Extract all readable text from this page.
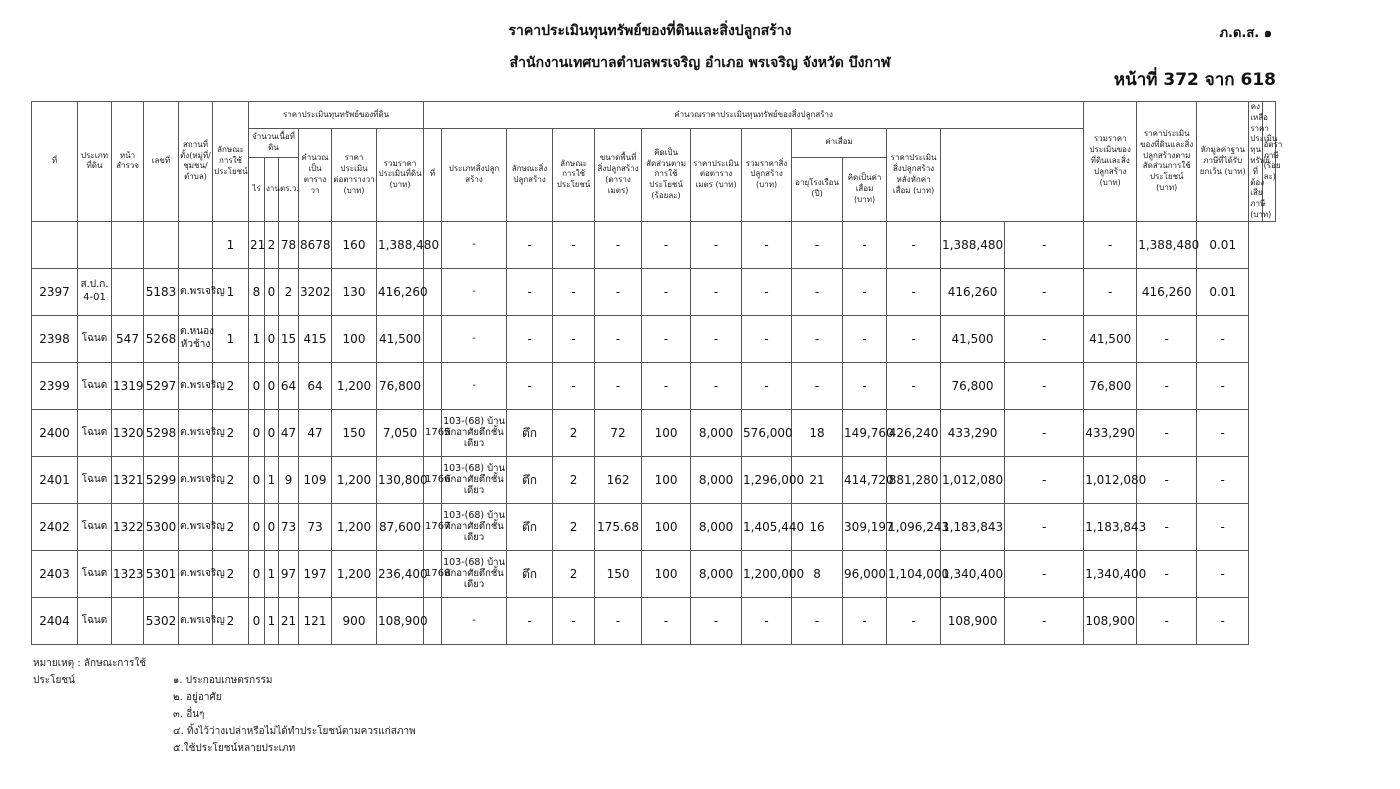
ราคาประเมินทุนทรัพย์ของที่ดินและสิ่งปลูกสร้าง
สำนักงานเทศบาลตำบลพรเจริญ อำเภอ พรเจริญ จังหวัด บึงกาฬ
ภ.ด.ส. ๑
หน้าที่ 372 จาก 618
ที่	ประเภทที่ดิน	หน้าสำรวจ	เลขที่	สถานที่ตั้ง(หมู่ที่/ชุมชน/ตำบล)	ลักษณะการใช้ประโยชน์	ราคาประเมินทุนทรัพย์ของที่ดิน						คำนวณราคาประเมินทุนทรัพย์ของสิ่งปลูกสร้าง													รวมราคาประเมินของที่ดินและสิ่งปลูกสร้าง (บาท)	ราคาประเมินของที่ดินและสิ่งปลูกสร้างตามสัดส่วนการใช้ประโยชน์ (บาท)	หักมูลค่าฐานภาษีที่ได้รับยกเว้น (บาท)	คงเหลือราคาประเมินทุนทรัพย์ที่ต้องเสียภาษี (บาท)	อัตราภาษี (ร้อยละ)
						จำนวนเนื้อที่ดิน			คำนวณเป็นตารางวา	ราคาประเมินต่อตารางวา (บาท)	รวมราคาประเมินที่ดิน (บาท)	ที่	ประเภทสิ่งปลูกสร้าง	ลักษณะสิ่งปลูกสร้าง	ลักษณะการใช้ประโยชน์	ขนาดพื้นที่สิ่งปลูกสร้าง (ตารางเมตร)	คิดเป็นสัดส่วนตามการใช้ประโยชน์ (ร้อยละ)	ราคาประเมินต่อตารางเมตร (บาท)	รวมราคาสิ่งปลูกสร้าง (บาท)	ค่าเสื่อม		ราคาประเมินสิ่งปลูกสร้างหลังหักค่าเสื่อม (บาท)							
						ไร่	งาน	ตร.ว.												อายุโรงเรือน (ปี)	คิดเป็นค่าเสื่อม (บาท)								
					1	21	2	78	8678	160	1,388,480		-	-	-	-	-	-	-	-	-	-	1,388,480	-	-	1,388,480	0.01		
2397	ส.ป.ก. 4-01		5183	ต.พรเจริญ	1	8	0	2	3202	130	416,260		-	-	-	-	-	-	-	-	-	-	416,260	-	-	416,260	0.01		
2398	โฉนด	547	5268	ต.หนองหัวช้าง	1	1	0	15	415	100	41,500		-	-	-	-	-	-	-	-	-	-	41,500	-	41,500	-	-		
2399	โฉนด	1319	5297	ต.พรเจริญ	2	0	0	64	64	1,200	76,800		-	-	-	-	-	-	-	-	-	-	76,800	-	76,800	-	-		
2400	โฉนด	1320	5298	ต.พรเจริญ	2	0	0	47	47	150	7,050	1765	103-(68) บ้านพักอาศัยตึกชั้นเดียว	ตึก	2	72	100	8,000	576,000	18	149,760	426,240	433,290	-	433,290	-	-		
2401	โฉนด	1321	5299	ต.พรเจริญ	2	0	1	9	109	1,200	130,800	1766	103-(68) บ้านพักอาศัยตึกชั้นเดียว	ตึก	2	162	100	8,000	1,296,000	21	414,720	881,280	1,012,080	-	1,012,080	-	-		
2402	โฉนด	1322	5300	ต.พรเจริญ	2	0	0	73	73	1,200	87,600	1767	103-(68) บ้านพักอาศัยตึกชั้นเดียว	ตึก	2	175.68	100	8,000	1,405,440	16	309,197	1,096,243	1,183,843	-	1,183,843	-	-		
2403	โฉนด	1323	5301	ต.พรเจริญ	2	0	1	97	197	1,200	236,400	1768	103-(68) บ้านพักอาศัยตึกชั้นเดียว	ตึก	2	150	100	8,000	1,200,000	8	96,000	1,104,000	1,340,400	-	1,340,400	-	-		
2404	โฉนด		5302	ต.พรเจริญ	2	0	1	21	121	900	108,900		-	-	-	-	-	-	-	-	-	-	108,900	-	108,900	-	-		
หมายเหตุ : ลักษณะการใช้ประโยชน์	๑. ประกอบเกษตรกรรม
๒. อยู่อาศัย
๓. อื่นๆ
๔. ทิ้งไว้ว่างเปล่าหรือไม่ได้ทำประโยชน์ตามควรแก่สภาพ
๕.ใช้ประโยชน์หลายประเภท
